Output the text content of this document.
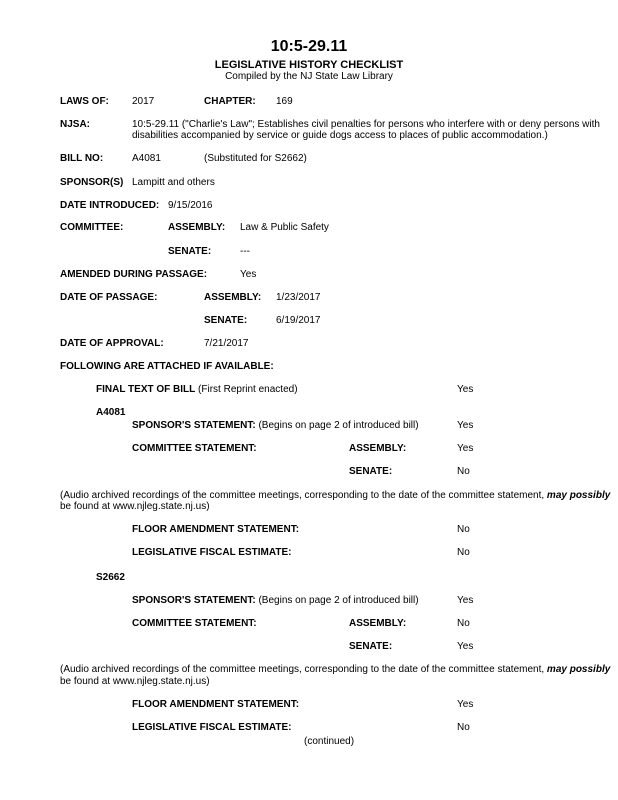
10:5-29.11
LEGISLATIVE HISTORY CHECKLIST
Compiled by the NJ State Law Library
LAWS OF: 2017	CHAPTER: 169
NJSA:	10:5-29.11 ("Charlie's Law"; Establishes civil penalties for persons who interfere with or deny persons with
disabilities accompanied by service or guide dogs access to places of public accommodation.)
BILL NO:	A4081	(Substituted for S2662)
SPONSOR(S) Lampitt and others
DATE INTRODUCED: 9/15/2016
COMMITTEE:	ASSEMBLY: Law & Public Safety
SENATE:	---
AMENDED DURING PASSAGE:	Yes
DATE OF PASSAGE:	ASSEMBLY: 1/23/2017
SENATE:	6/19/2017
DATE OF APPROVAL:	7/21/2017
FOLLOWING ARE ATTACHED IF AVAILABLE:
FINAL TEXT OF BILL (First Reprint enacted)	Yes
A4081
SPONSOR'S STATEMENT: (Begins on page 2 of introduced bill)	Yes
COMMITTEE STATEMENT:	ASSEMBLY:	Yes
SENATE:	No
(Audio archived recordings of the committee meetings, corresponding to the date of the committee statement, may possibly
be found at www.njleg.state.nj.us)
FLOOR AMENDMENT STATEMENT:	No
LEGISLATIVE FISCAL ESTIMATE:	No
S2662
SPONSOR'S STATEMENT: (Begins on page 2 of introduced bill)	Yes
COMMITTEE STATEMENT:	ASSEMBLY:	No
SENATE:	Yes
(Audio archived recordings of the committee meetings, corresponding to the date of the committee statement, may possibly
be found at www.njleg.state.nj.us)
FLOOR AMENDMENT STATEMENT:	Yes
LEGISLATIVE FISCAL ESTIMATE:	No
(continued)
